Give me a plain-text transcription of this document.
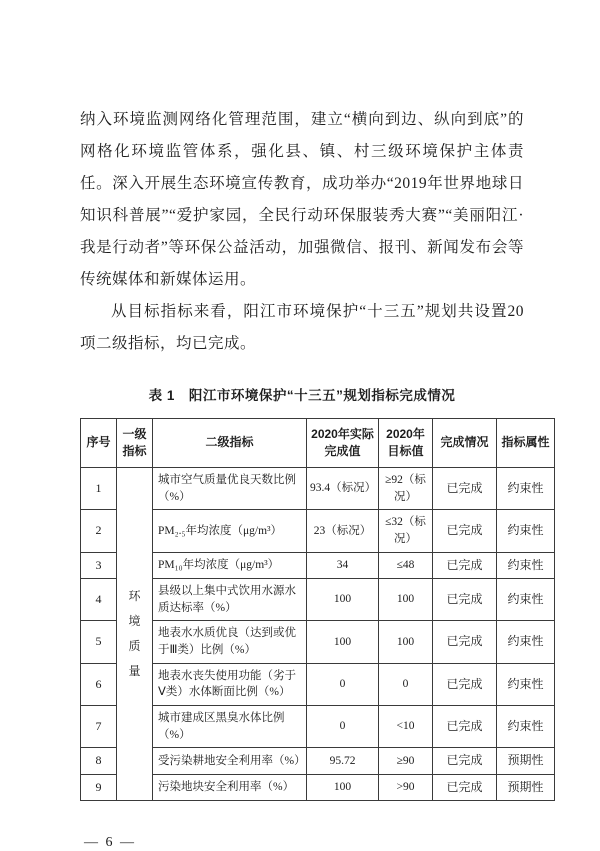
纳入环境监测网络化管理范围，建立“横向到边、纵向到底”的网格化环境监管体系，强化县、镇、村三级环境保护主体责任。深入开展生态环境宣传教育，成功举办“2019年世界地球日知识科普展”“爱护家园，全民行动环保服装秀大赛”“美丽阳江·我是行动者”等环保公益活动，加强微信、报刊、新闻发布会等传统媒体和新媒体运用。

从目标指标来看，阳江市环境保护“十三五”规划共设置20项二级指标，均已完成。

表 1　阳江市环境保护“十三五”规划指标完成情况
序号	一级指标	二级指标	2020年实际完成值	2020年目标值	完成情况	指标属性
1	环境质量	城市空气质量优良天数比例（%）	93.4（标况）	≥92（标况）	已完成	约束性
2		PM₂.₅年均浓度（μg/m³）	23（标况）	≤32（标况）	已完成	约束性
3		PM₁₀年均浓度（μg/m³）	34	≤48	已完成	约束性
4		县级以上集中式饮用水源水质达标率（%）	100	100	已完成	约束性
5		地表水水质优良（达到或优于Ⅲ类）比例（%）	100	100	已完成	约束性
6		地表水丧失使用功能（劣于Ⅴ类）水体断面比例（%）	0	0	已完成	约束性
7		城市建成区黑臭水体比例（%）	0	<10	已完成	约束性
8		受污染耕地安全利用率（%）	95.72	≥90	已完成	预期性
9		污染地块安全利用率（%）	100	>90	已完成	预期性
— 6 —
